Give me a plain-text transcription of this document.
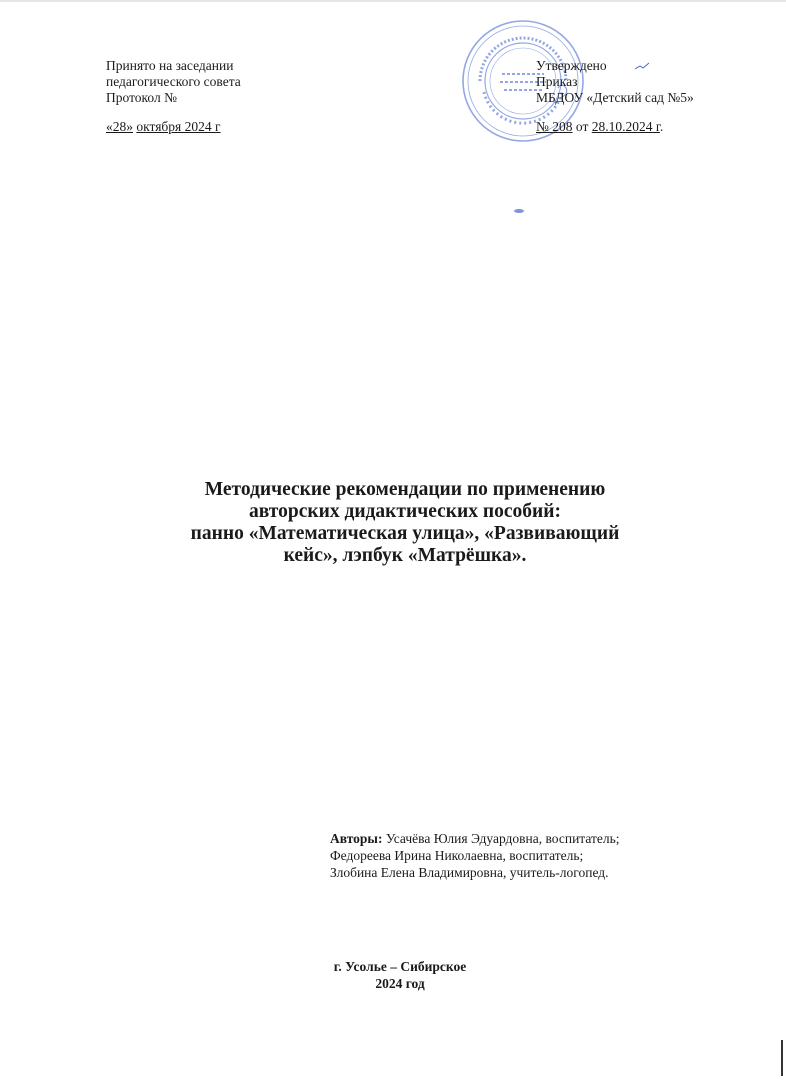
Принято на заседании
педагогического совета
Протокол №
«28» октября 2024 г
Утверждено
Приказ
МБДОУ «Детский сад №5»
№ 208 от 28.10.2024 г.
Методические рекомендации по применению
авторских дидактических пособий:
панно «Математическая улица», «Развивающий
кейс», лэпбук «Матрёшка».
Авторы: Усачёва Юлия Эдуардовна, воспитатель;
Федореева Ирина Николаевна, воспитатель;
Злобина Елена Владимировна, учитель-логопед.
г. Усолье – Сибирское
2024 год
